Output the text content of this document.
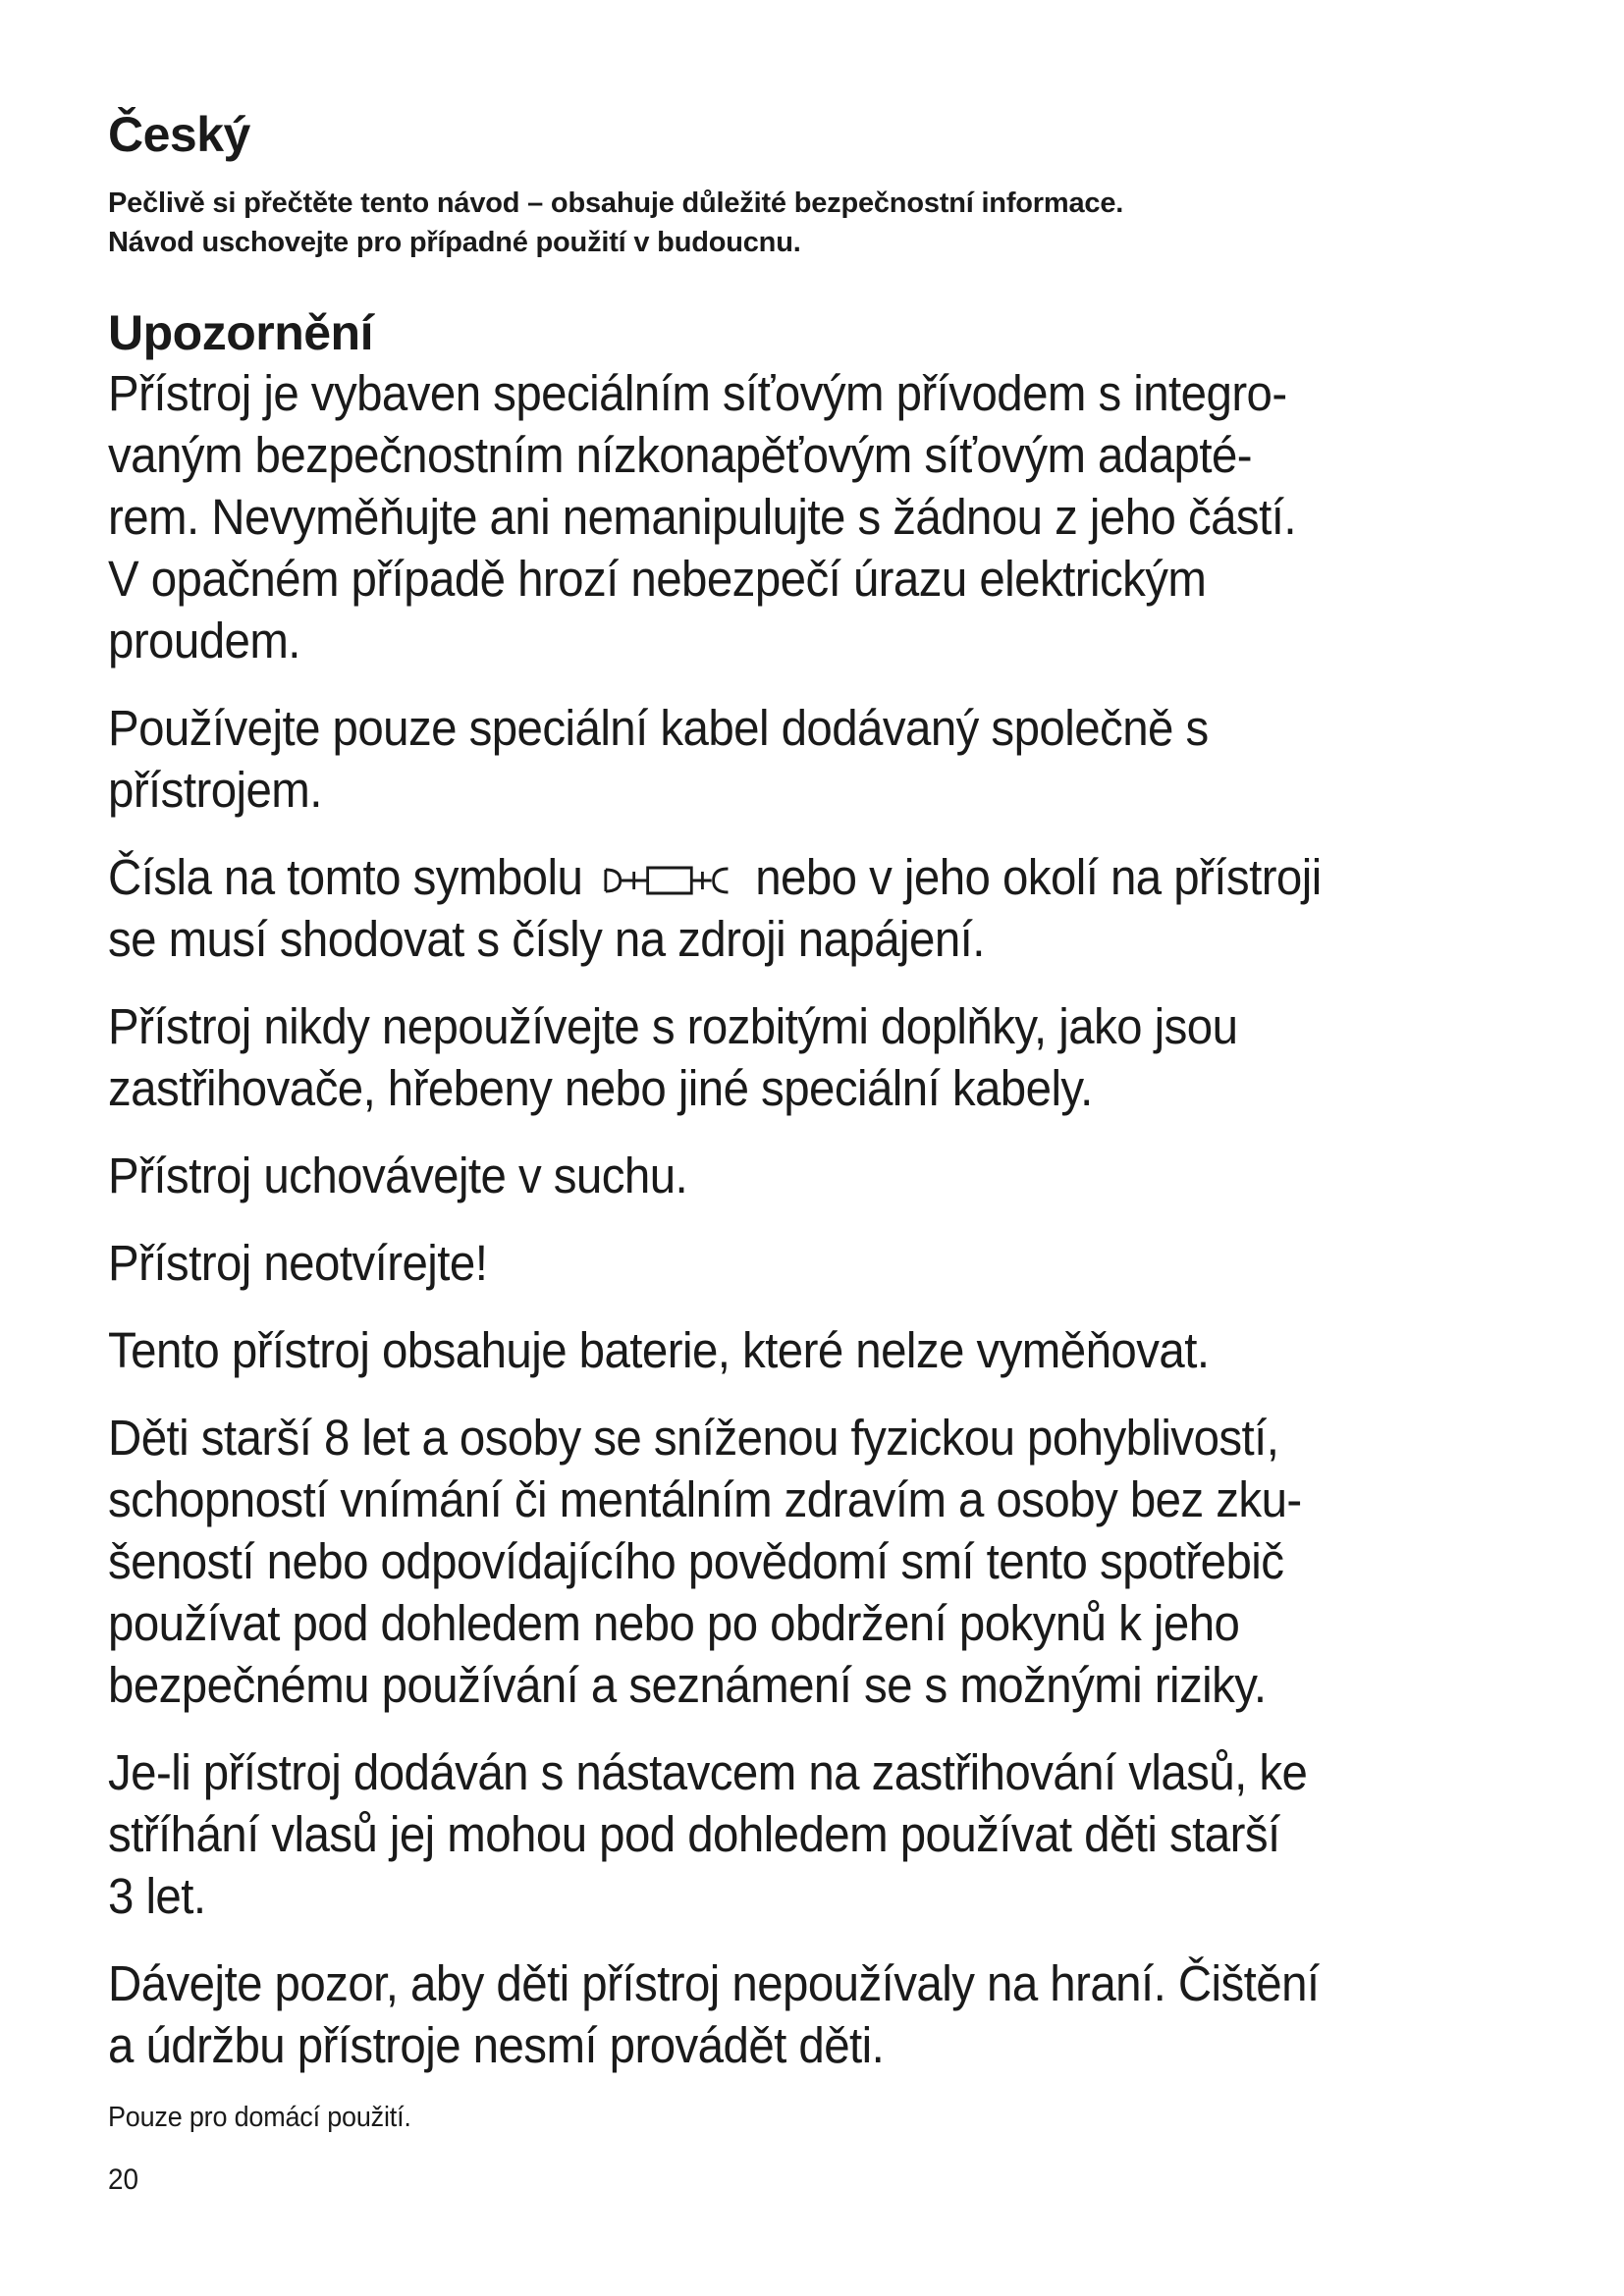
Český

Pečlivě si přečtěte tento návod – obsahuje důležité bezpečnostní informace.
Návod uschovejte pro případné použití v budoucnu.

Upozornění

Přístroj je vybaven speciálním síťovým přívodem s integro-
vaným bezpečnostním nízkonapěťovým síťovým adapté-
rem. Nevyměňujte ani nemanipulujte s žádnou z jeho částí.
V opačném případě hrozí nebezpečí úrazu elektrickým
proudem.

Používejte pouze speciální kabel dodávaný společně s
přístrojem.

Čísla na tomto symbolu	nebo v jeho okolí na přístroji
se musí shodovat s čísly na zdroji napájení.

Přístroj nikdy nepoužívejte s rozbitými doplňky, jako jsou
zastřihovače, hřebeny nebo jiné speciální kabely.

Přístroj uchovávejte v suchu.

Přístroj neotvírejte!

Tento přístroj obsahuje baterie, které nelze vyměňovat.

Děti starší 8 let a osoby se sníženou fyzickou pohyblivostí,
schopností vnímání či mentálním zdravím a osoby bez zku-
šeností nebo odpovídajícího povědomí smí tento spotřebič
používat pod dohledem nebo po obdržení pokynů k jeho
bezpečnému používání a seznámení se s možnými riziky.

Je-li přístroj dodáván s nástavcem na zastřihování vlasů, ke
stříhání vlasů jej mohou pod dohledem používat děti starší
3 let.

Dávejte pozor, aby děti přístroj nepoužívaly na hraní. Čištění
a údržbu přístroje nesmí provádět děti.

Pouze pro domácí použití.

20
